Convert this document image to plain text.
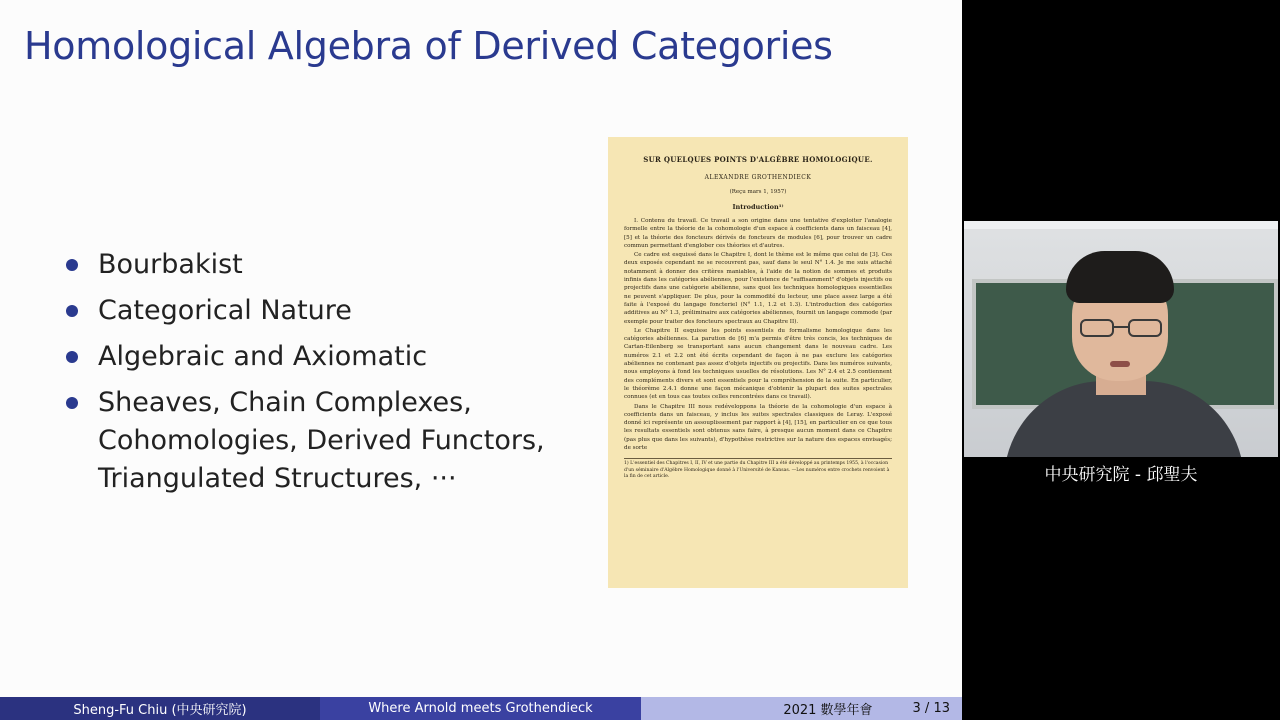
Homological Algebra of Derived Categories
Bourbakist
Categorical Nature
Algebraic and Axiomatic
Sheaves, Chain Complexes, Cohomologies, Derived Functors, Triangulated Structures, ···
SUR QUELQUES POINTS D'ALGÈBRE HOMOLOGIQUE.
ALEXANDRE GROTHENDIECK
(Reçu mars 1, 1957)
Introduction¹⁾

I. Contenu du travail. Ce travail a son origine dans une tentative d'exploiter l'analogie formelle entre la théorie de la cohomologie d'un espace à coefficients dans un faisceau [4], [5] et la théorie des foncteurs dérivés de foncteurs de modules [6], pour trouver un cadre commun permettant d'englober ces théories et d'autres.

Ce cadre est esquissé dans le Chapitre I, dont le thème est le même que celui de [3]. Ces deux exposés cependant ne se recouvrent pas, sauf dans le seul N° 1.4. Je me suis attaché notamment à donner des critères maniables, à l'aide de la notion de sommes et produits infinis dans les catégories abéliennes, pour l'existence de "suffisamment" d'objets injectifs ou projectifs dans une catégorie abélienne, sans quoi les techniques homologiques essentielles ne peuvent s'appliquer. De plus, pour la commodité du lecteur, une place assez large a été faite à l'exposé du langage foncteriel (N° 1.1, 1.2 et 1.3). L'introduction des catégories additives au N° 1.3, préliminaire aux catégories abéliennes, fournit un langage commode (par exemple pour traiter des foncteurs spectraux au Chapitre II).

Le Chapitre II esquisse les points essentiels du formalisme homologique dans les catégories abéliennes. La parution de [6] m'a permis d'être très concis, les techniques de Cartan-Eilenberg se transportant sans aucun changement dans le nouveau cadre. Les numéros 2.1 et 2.2 ont été écrits cependant de façon à ne pas exclure les catégories abéliennes ne contenant pas assez d'objets injectifs ou projectifs. Dans les numéros suivants, nous employons à fond les techniques usuelles de résolutions. Les N° 2.4 et 2.5 contiennent des compléments divers et sont essentiels pour la compréhension de la suite. En particulier, le théorème 2.4.1 donne une façon mécanique d'obtenir la plupart des suites spectrales connues (et en tous cas toutes celles rencontrées dans ce travail).

Dans le Chapitre III nous redéveloppons la théorie de la cohomologie d'un espace à coefficients dans un faisceau, y inclus les suites spectrales classiques de Leray. L'exposé donné ici représente un assouplissement par rapport à [4], [15], en particulier en ce que tous les resultats essentiels sont obtenus sans faire, à presque aucun moment dans ce Chapitre (pas plus que dans les suivants), d'hypothèse restrictive sur la nature des espaces envisagés; de sorte

1) L'essentiel des Chapitres I, II, IV et une partie du Chapitre III a été développé au printemps 1955, à l'occasion d'un séminaire d'Algèbre Homologique donné à l'Université de Kansas. —Les numéros entre crochets renvoient à la fin de cet article.	中央研究院 - 邱聖夫
Sheng-Fu Chiu (中央研究院)	Where Arnold meets Grothendieck	2021 數學年會	3 / 13
